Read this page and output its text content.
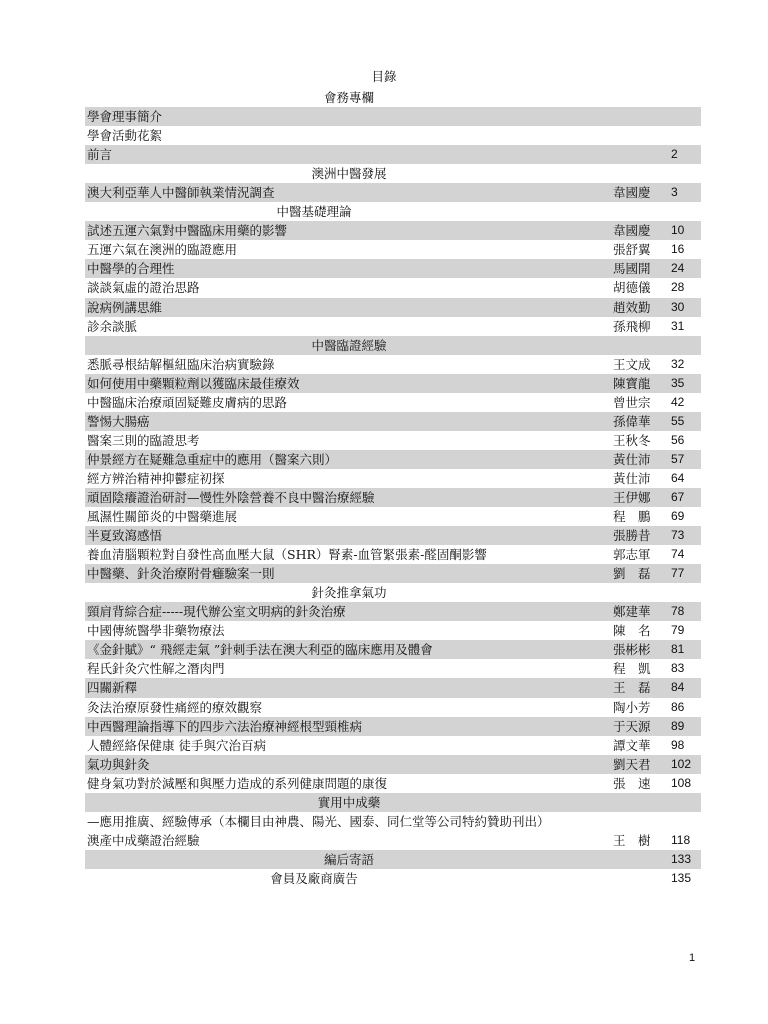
目錄
會務專欄
學會理事簡介
學會活動花絮
前言	2
澳洲中醫發展
澳大利亞華人中醫師執業情況調查	韋國慶	3
中醫基礎理論
試述五運六氣對中醫臨床用藥的影響	韋國慶	10
五運六氣在澳洲的臨證應用	張舒翼	16
中醫學的合理性	馬國開	24
談談氣虛的證治思路	胡德儀	28
說病例講思維	趙效勤	30
診余談脈	孫飛柳	31
中醫臨證經驗
悉脈尋根結解樞紐臨床治病實驗錄	王文成	32
如何使用中藥顆粒劑以獲臨床最佳療效	陳寶龍	35
中醫臨床治療頑固疑難皮膚病的思路	曾世宗	42
警惕大腸癌	孫偉華	55
醫案三則的臨證思考	王秋冬	56
仲景經方在疑難急重症中的應用（醫案六則）	黃仕沛	57
經方辨治精神抑鬱症初探	黃仕沛	64
頑固陰癢證治研討—慢性外陰營養不良中醫治療經驗	王伊娜	67
風濕性關節炎的中醫藥進展	程　鵬	69
半夏致瀉感悟	張勝昔	73
養血清腦顆粒對自發性高血壓大鼠（SHR）腎素-血管緊張素-醛固酮影響	郭志軍	74
中醫藥、針灸治療附骨癰驗案一則	劉　磊	77
針灸推拿氣功
頸肩背綜合症-----現代辦公室文明病的針灸治療	鄭建華	78
中國傳統醫學非藥物療法	陳　名	79
《金針賦》“ 飛經走氣 ”針刺手法在澳大利亞的臨床應用及體會	張彬彬	81
程氏針灸穴性解之潛肉門	程　凱	83
四關新釋	王　磊	84
灸法治療原發性痛經的療效觀察	陶小芳	86
中西醫理論指導下的四步六法治療神經根型頸椎病	于天源	89
人體經絡保健康 徒手與穴治百病	譚文華	98
氣功與針灸	劉天君	102
健身氣功對於減壓和與壓力造成的系列健康問題的康復	張　速	108
實用中成藥
—應用推廣、經驗傳承（本欄目由神農、陽光、國泰、同仁堂等公司特約贊助刊出）
澳產中成藥證治經驗	王　樹	118
編后寄語	133
會員及廠商廣告	135
1
